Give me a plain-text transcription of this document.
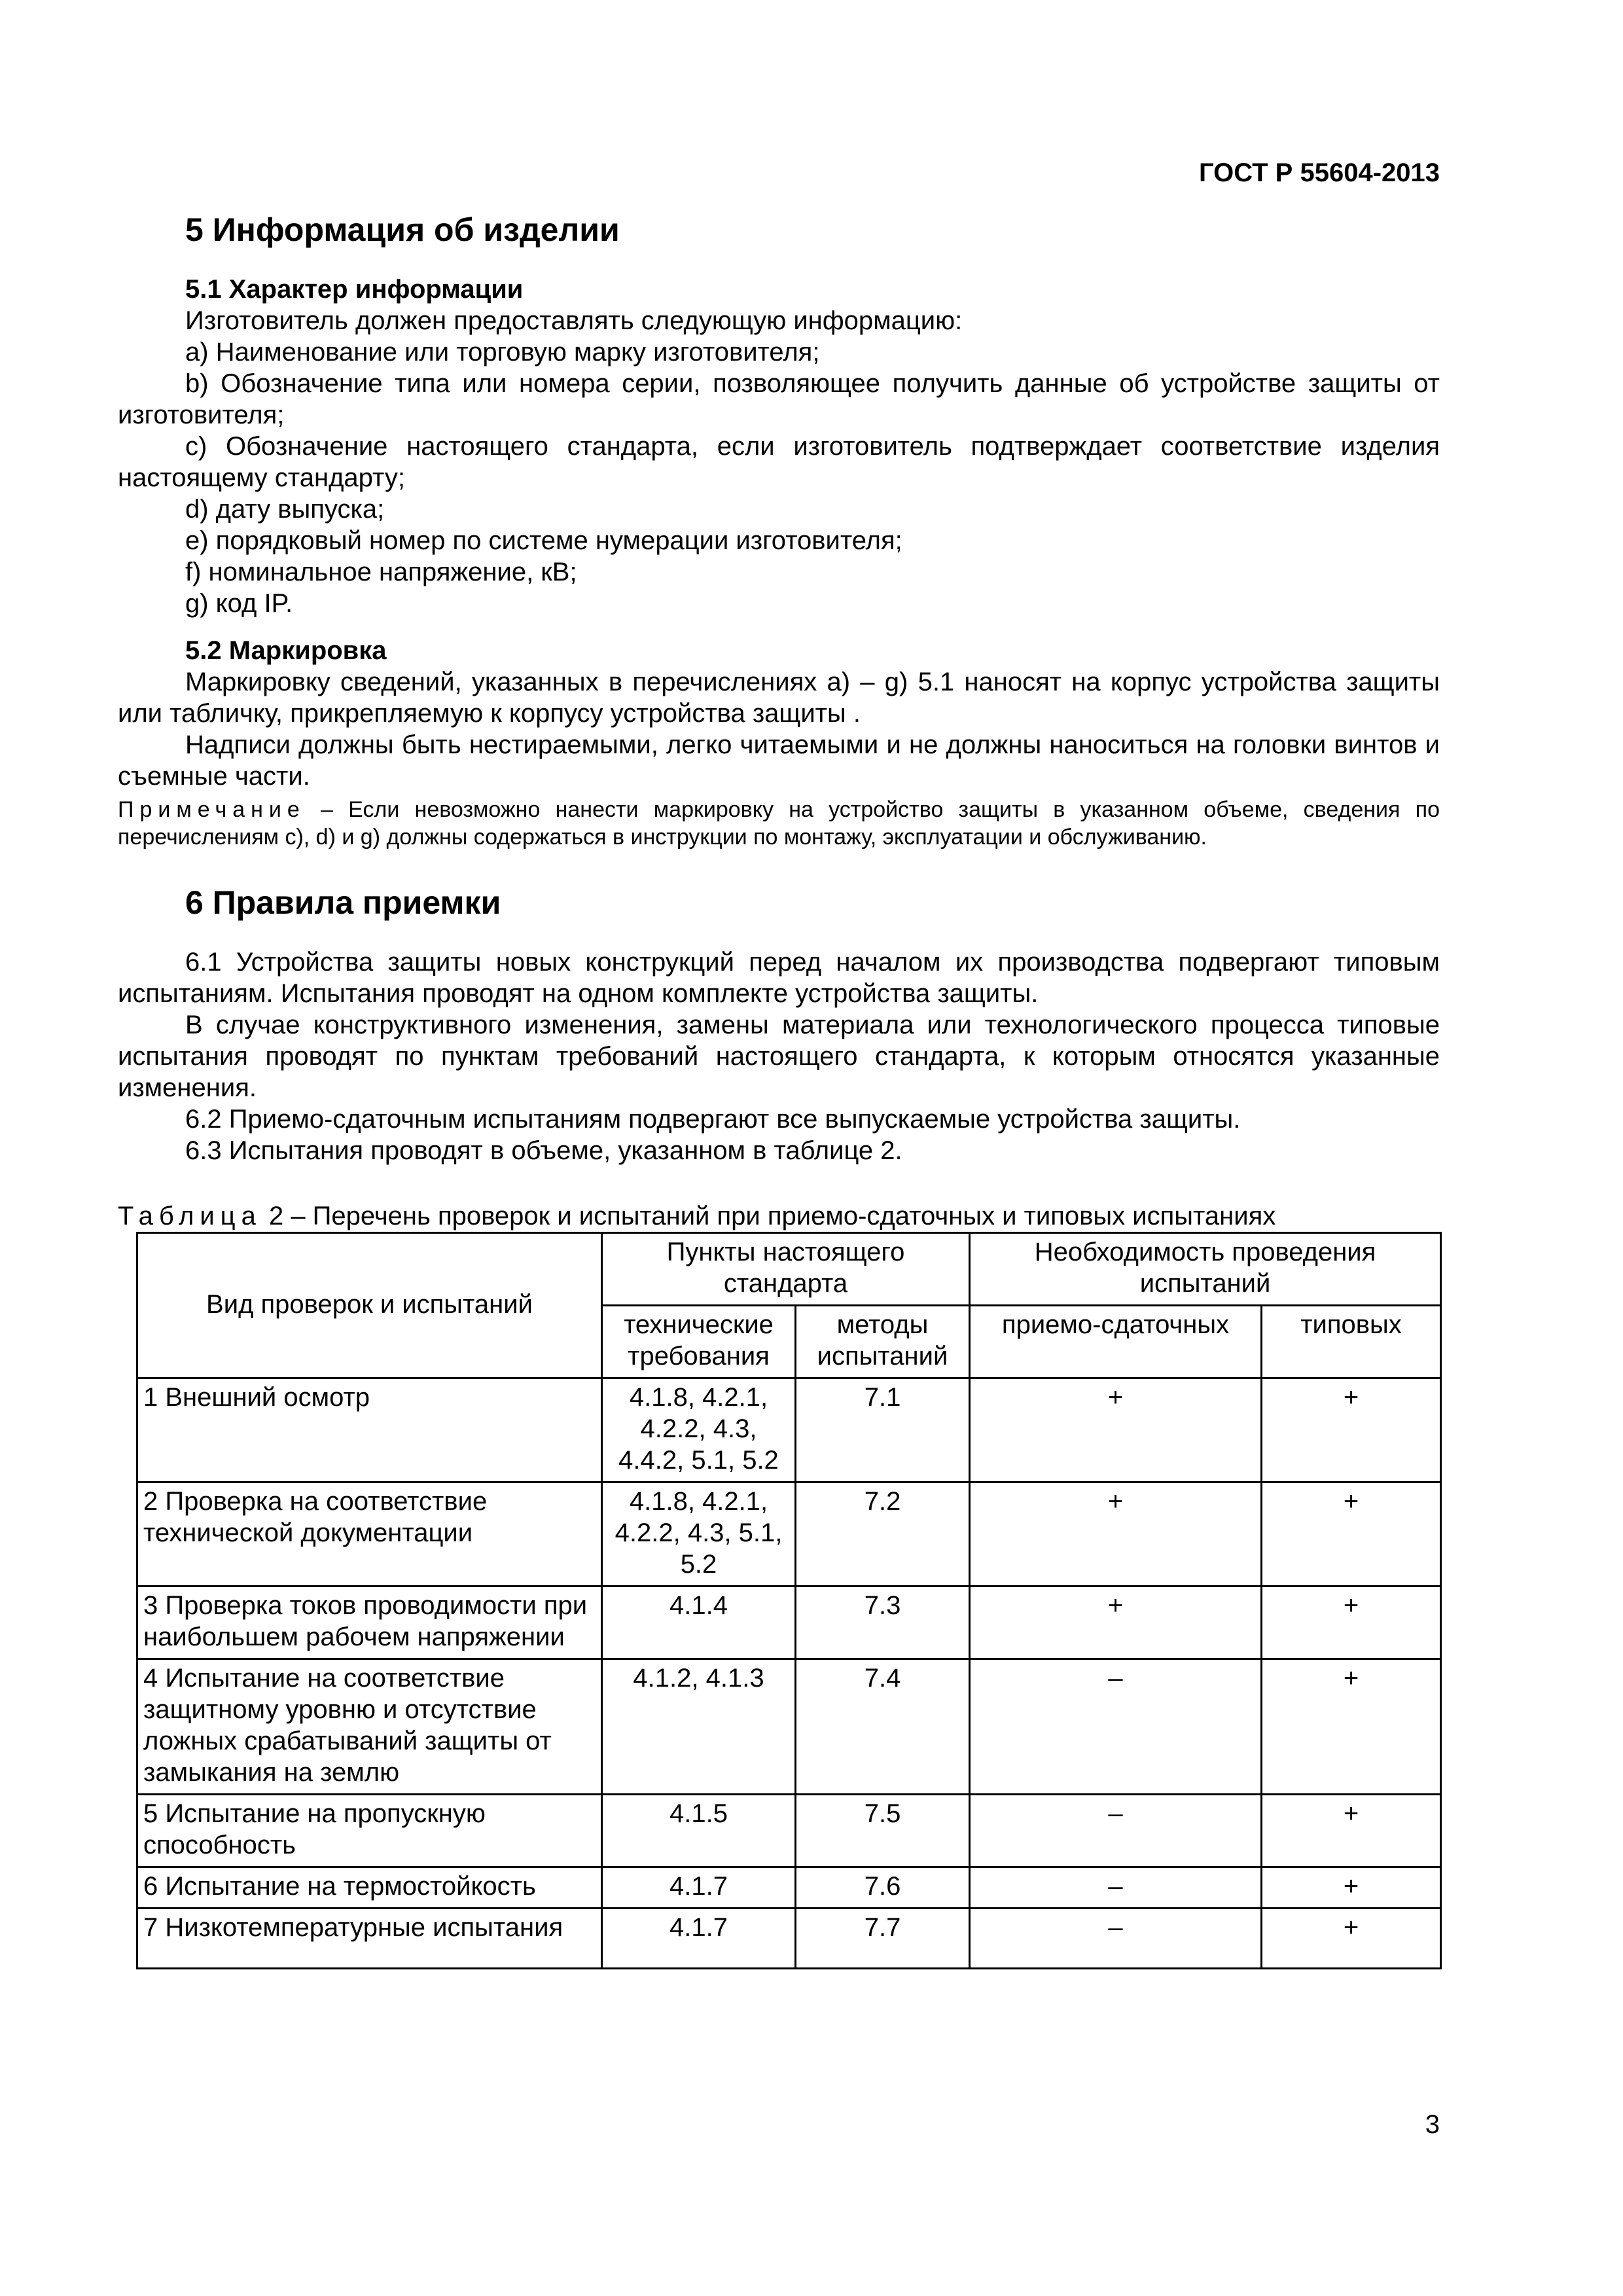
ГОСТ Р 55604-2013
5 Информация об изделии
5.1 Характер информации

Изготовитель должен предоставлять следующую информацию:

a) Наименование или торговую марку изготовителя;

b) Обозначение типа или номера серии, позволяющее получить данные об устройстве защиты от изготовителя;

c) Обозначение настоящего стандарта, если изготовитель подтверждает соответствие изделия настоящему стандарту;

d) дату выпуска;

e) порядковый номер по системе нумерации изготовителя;

f) номинальное напряжение, кВ;

g) код IP.

5.2 Маркировка

Маркировку сведений, указанных в перечислениях a) – g) 5.1 наносят на корпус устройства защиты или табличку, прикрепляемую к корпусу устройства защиты .

Надписи должны быть нестираемыми, легко читаемыми и не должны наноситься на головки винтов и съемные части.

Примечание – Если невозможно нанести маркировку на устройство защиты в указанном объеме, сведения по перечислениям c), d) и g) должны содержаться в инструкции по монтажу, эксплуатации и обслуживанию.

6 Правила приемки

6.1 Устройства защиты новых конструкций перед началом их производства подвергают типовым испытаниям. Испытания проводят на одном комплекте устройства защиты.

В случае конструктивного изменения, замены материала или технологического процесса типовые испытания проводят по пунктам требований настоящего стандарта, к которым относятся указанные изменения.

6.2 Приемо-сдаточным испытаниям подвергают все выпускаемые устройства защиты.

6.3 Испытания проводят в объеме, указанном в таблице 2.

Таблица 2 – Перечень проверок и испытаний при приемо-сдаточных и типовых испытаниях

Вид проверок и испытаний	Пункты настоящего стандарта		Необходимость проведения испытаний	
	технические требования	методы испытаний	приемо-сдаточных	типовых
1 Внешний осмотр	4.1.8, 4.2.1, 4.2.2, 4.3, 4.4.2, 5.1, 5.2	7.1	+	+
2 Проверка на соответствие технической документации	4.1.8, 4.2.1, 4.2.2, 4.3, 5.1, 5.2	7.2	+	+
3 Проверка токов проводимости при наибольшем рабочем напряжении	4.1.4	7.3	+	+
4 Испытание на соответствие защитному уровню и отсутствие ложных срабатываний защиты от замыкания на землю	4.1.2, 4.1.3	7.4	–	+
5 Испытание на пропускную способность	4.1.5	7.5	–	+
6 Испытание на термостойкость	4.1.7	7.6	–	+
7 Низкотемпературные испытания	4.1.7	7.7	–	+
3
